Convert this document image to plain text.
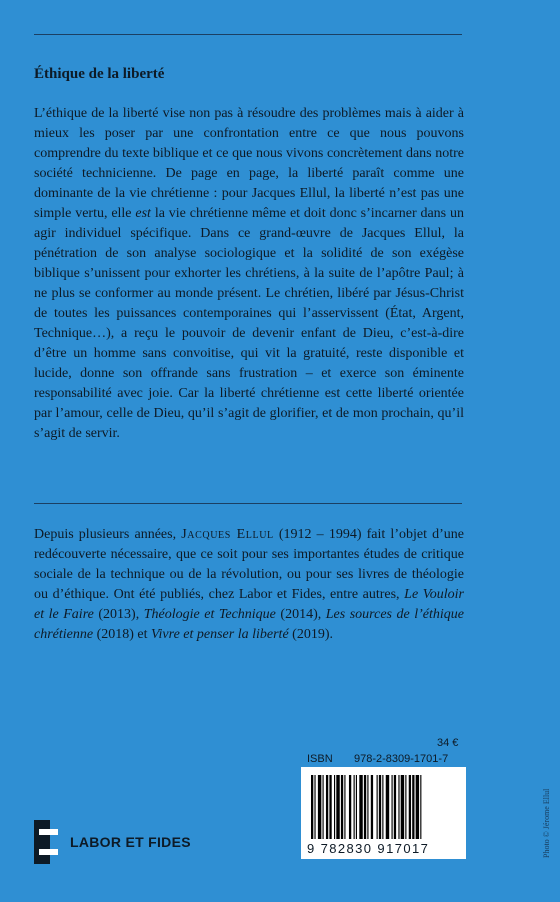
Éthique de la liberté
L’éthique de la liberté vise non pas à résoudre des problèmes mais à aider à mieux les poser par une confrontation entre ce que nous pouvons comprendre du texte biblique et ce que nous vivons concrètement dans notre société technicienne. De page en page, la liberté paraît comme une dominante de la vie chrétienne : pour Jacques Ellul, la liberté n’est pas une simple vertu, elle est la vie chrétienne même et doit donc s’incarner dans un agir individuel spécifique. Dans ce grand-œuvre de Jacques Ellul, la pénétration de son analyse sociologique et la solidité de son exégèse biblique s’unissent pour exhorter les chrétiens, à la suite de l’apôtre Paul; à ne plus se conformer au monde présent. Le chrétien, libéré par Jésus-Christ de toutes les puissances contemporaines qui l’asservissent (État, Argent, Technique…), a reçu le pouvoir de devenir enfant de Dieu, c’est-à-dire d’être un homme sans convoitise, qui vit la gratuité, reste disponible et lucide, donne son offrande sans frustration – et exerce son éminente responsabilité avec joie. Car la liberté chrétienne est cette liberté orientée par l’amour, celle de Dieu, qu’il s’agit de glorifier, et de mon prochain, qu’il s’agit de servir.
Depuis plusieurs années, Jacques Ellul (1912 – 1994) fait l’objet d’une redécouverte nécessaire, que ce soit pour ses importantes études de critique sociale de la technique ou de la révolution, ou pour ses livres de théologie ou d’éthique. Ont été publiés, chez Labor et Fides, entre autres, Le Vouloir et le Faire (2013), Théologie et Technique (2014), Les sources de l’éthique chrétienne (2018) et Vivre et penser la liberté (2019).
34 €
ISBN 978-2-8309-1701-7
9 782830 917017
LABOR ET FIDES	Photo © Jérome Ellul
